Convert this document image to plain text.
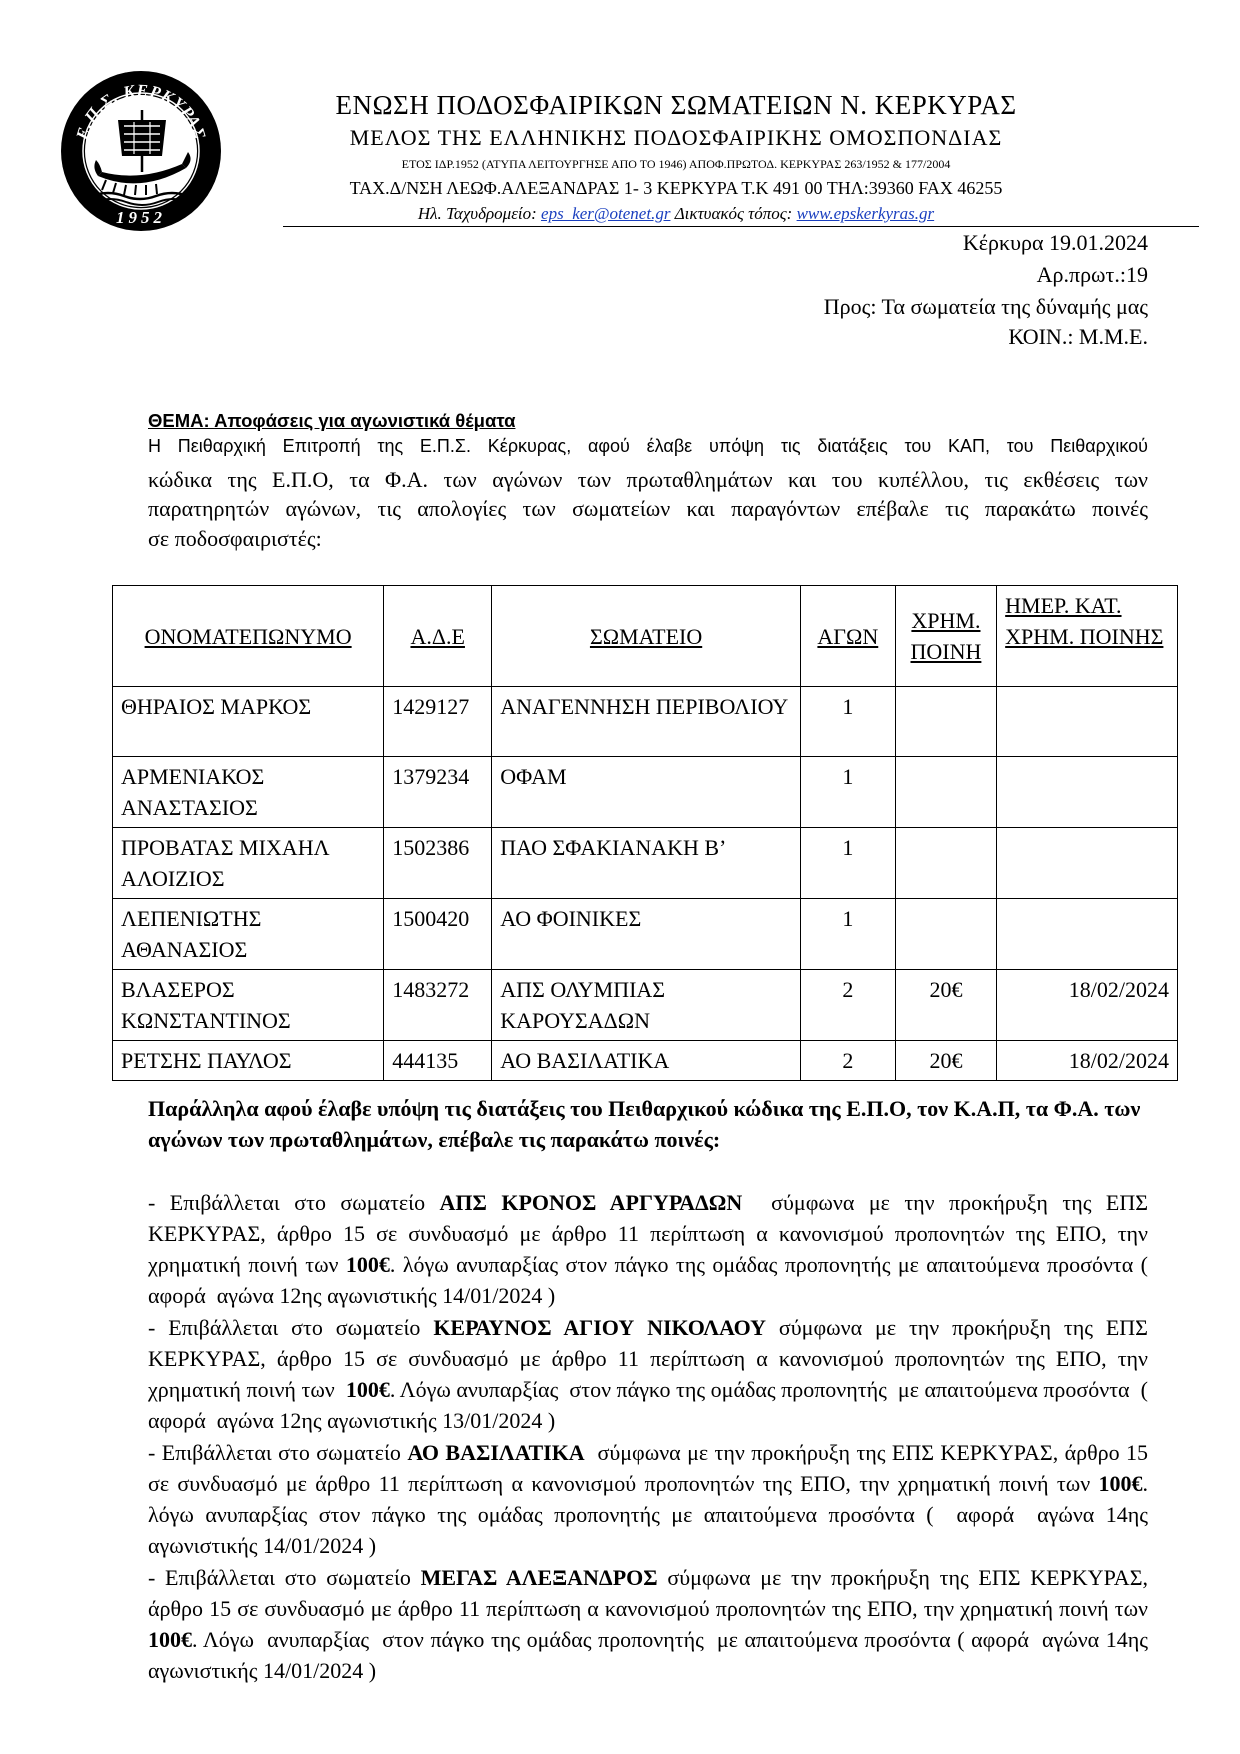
Ε.Π.Σ. ΚΕΡΚΥΡΑΣ
1952
ΕΝΩΣΗ ΠΟΔΟΣΦΑΙΡΙΚΩΝ ΣΩΜΑΤΕΙΩΝ Ν. ΚΕΡΚΥΡΑΣ
ΜΕΛΟΣ ΤΗΣ ΕΛΛΗΝΙΚΗΣ ΠΟΔΟΣΦΑΙΡΙΚΗΣ ΟΜΟΣΠΟΝΔΙΑΣ
ΕΤΟΣ ΙΔΡ.1952 (ΑΤΥΠΑ ΛΕΙΤΟΥΡΓΗΣΕ ΑΠΟ ΤΟ 1946) ΑΠΟΦ.ΠΡΩΤΟΔ. ΚΕΡΚΥΡΑΣ 263/1952 & 177/2004
ΤΑΧ.Δ/ΝΣΗ ΛΕΩΦ.ΑΛΕΞΑΝΔΡΑΣ 1- 3 ΚΕΡΚΥΡΑ Τ.Κ 491 00 ΤΗΛ:39360 FAX 46255
Ηλ. Ταχυδρομείο: eps_ker@otenet.gr Δικτυακός τόπος: www.epskerkyras.gr
Κέρκυρα 19.01.2024
Αρ.πρωτ.:19
Προς: Τα σωματεία της δύναμής μας
ΚΟΙΝ.: Μ.Μ.Ε.
ΘΕΜΑ: Αποφάσεις για αγωνιστικά θέματα
Η Πειθαρχική Επιτροπή της Ε.Π.Σ. Κέρκυρας, αφού έλαβε υπόψη τις διατάξεις του ΚΑΠ, του Πειθαρχικού
κώδικα της Ε.Π.Ο, τα Φ.Α. των αγώνων των πρωταθλημάτων και του κυπέλλου, τις εκθέσεις των
παρατηρητών αγώνων, τις απολογίες των σωματείων και παραγόντων επέβαλε τις παρακάτω ποινές
σε ποδοσφαιριστές:
ΟΝΟΜΑΤΕΠΩΝΥΜΟ	Α.Δ.Ε	ΣΩΜΑΤΕΙΟ	ΑΓΩΝ	ΧΡΗΜ. ΠΟΙΝΗ	ΗΜΕΡ. ΚΑΤ. ΧΡΗΜ. ΠΟΙΝΗΣ
ΘΗΡΑΙΟΣ ΜΑΡΚΟΣ	1429127	ΑΝΑΓΕΝΝΗΣΗ ΠΕΡΙΒΟΛΙΟΥ	1		
ΑΡΜΕΝΙΑΚΟΣ ΑΝΑΣΤΑΣΙΟΣ	1379234	ΟΦΑΜ	1		
ΠΡΟΒΑΤΑΣ ΜΙΧΑΗΛ ΑΛΟΙΖΙΟΣ	1502386	ΠΑΟ ΣΦΑΚΙΑΝΑΚΗ Β’	1		
ΛΕΠΕΝΙΩΤΗΣ ΑΘΑΝΑΣΙΟΣ	1500420	ΑΟ ΦΟΙΝΙΚΕΣ	1		
ΒΛΑΣΕΡΟΣ ΚΩΝΣΤΑΝΤΙΝΟΣ	1483272	ΑΠΣ ΟΛΥΜΠΙΑΣ ΚΑΡΟΥΣΑΔΩΝ	2	20€	18/02/2024
ΡΕΤΣΗΣ ΠΑΥΛΟΣ	444135	ΑΟ ΒΑΣΙΛΑΤΙΚΑ	2	20€	18/02/2024
Παράλληλα αφού έλαβε υπόψη τις διατάξεις του Πειθαρχικού κώδικα της Ε.Π.Ο, τον Κ.Α.Π, τα Φ.Α. των αγώνων των πρωταθλημάτων, επέβαλε τις παρακάτω ποινές:
- Επιβάλλεται στο σωματείο ΑΠΣ ΚΡΟΝΟΣ ΑΡΓΥΡΑΔΩΝ  σύμφωνα με την προκήρυξη της ΕΠΣ ΚΕΡΚΥΡΑΣ, άρθρο 15 σε συνδυασμό με άρθρο 11 περίπτωση α κανονισμού προπονητών της ΕΠΟ, την χρηματική ποινή των 100€. λόγω ανυπαρξίας στον πάγκο της ομάδας προπονητής με απαιτούμενα προσόντα ( αφορά  αγώνα 12ης αγωνιστικής 14/01/2024 )
- Επιβάλλεται στο σωματείο ΚΕΡΑΥΝΟΣ ΑΓΙΟΥ ΝΙΚΟΛΑΟΥ σύμφωνα με την προκήρυξη της ΕΠΣ ΚΕΡΚΥΡΑΣ, άρθρο 15 σε συνδυασμό με άρθρο 11 περίπτωση α κανονισμού προπονητών της ΕΠΟ, την χρηματική ποινή των  100€. Λόγω ανυπαρξίας  στον πάγκο της ομάδας προπονητής  με απαιτούμενα προσόντα  ( αφορά  αγώνα 12ης αγωνιστικής 13/01/2024 )
- Επιβάλλεται στο σωματείο ΑΟ ΒΑΣΙΛΑΤΙΚΑ  σύμφωνα με την προκήρυξη της ΕΠΣ ΚΕΡΚΥΡΑΣ, άρθρο 15 σε συνδυασμό με άρθρο 11 περίπτωση α κανονισμού προπονητών της ΕΠΟ, την χρηματική ποινή των 100€. λόγω ανυπαρξίας στον πάγκο της ομάδας προπονητής με απαιτούμενα προσόντα (  αφορά  αγώνα 14ης αγωνιστικής 14/01/2024 )
- Επιβάλλεται στο σωματείο ΜΕΓΑΣ ΑΛΕΞΑΝΔΡΟΣ σύμφωνα με την προκήρυξη της ΕΠΣ ΚΕΡΚΥΡΑΣ, άρθρο 15 σε συνδυασμό με άρθρο 11 περίπτωση α κανονισμού προπονητών της ΕΠΟ, την χρηματική ποινή των  100€. Λόγω  ανυπαρξίας  στον πάγκο της ομάδας προπονητής  με απαιτούμενα προσόντα ( αφορά  αγώνα 14ης αγωνιστικής 14/01/2024 )
